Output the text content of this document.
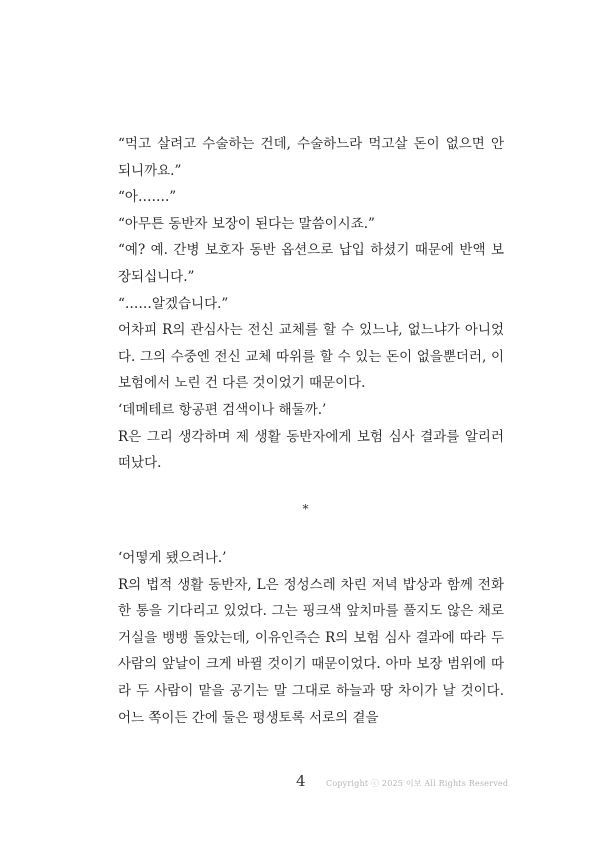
“먹고 살려고 수술하는 건데, 수술하느라 먹고살 돈이 없으면 안 되니까요.”

“아…….”

“아무튼 동반자 보장이 된다는 말씀이시죠.”

“예? 예. 간병 보호자 동반 옵션으로 납입 하셨기 때문에 반액 보장되십니다.”

“……알겠습니다.”

어차피 R의 관심사는 전신 교체를 할 수 있느냐, 없느냐가 아니었다. 그의 수중엔 전신 교체 따위를 할 수 있는 돈이 없을뿐더러, 이 보험에서 노린 건 다른 것이었기 때문이다.

‘데메테르 항공편 검색이나 해둘까.’

R은 그리 생각하며 제 생활 동반자에게 보험 심사 결과를 알리러 떠났다.

*

‘어떻게 됐으려나.’

R의 법적 생활 동반자, L은 정성스레 차린 저녁 밥상과 함께 전화 한 통을 기다리고 있었다. 그는 핑크색 앞치마를 풀지도 않은 채로 거실을 뱅뱅 돌았는데, 이유인즉슨 R의 보험 심사 결과에 따라 두 사람의 앞날이 크게 바뀔 것이기 때문이었다. 아마 보장 범위에 따라 두 사람이 맡을 공기는 말 그대로 하늘과 땅 차이가 날 것이다. 어느 쪽이든 간에 둘은 평생토록 서로의 곁을

4	Copyright ⓒ 2025 이보 All Rights Reserved
